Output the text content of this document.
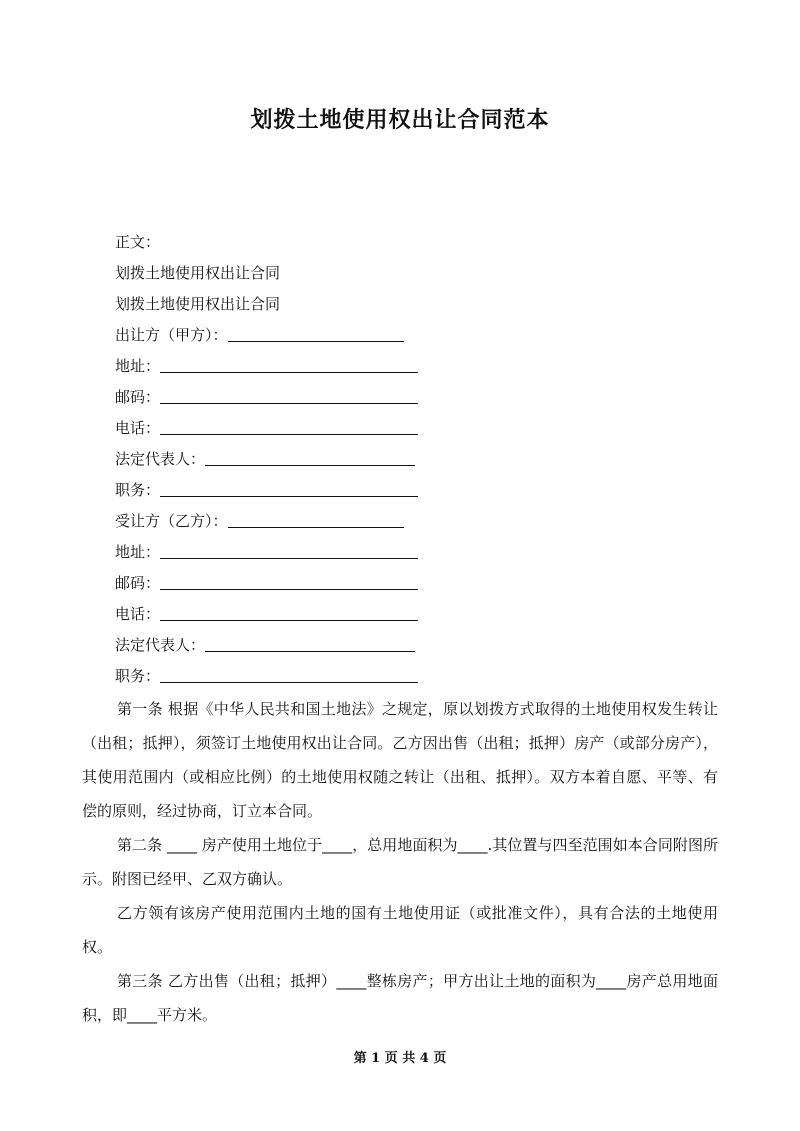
划拨土地使用权出让合同范本
正文：
划拨土地使用权出让合同
划拨土地使用权出让合同
出让方（甲方）：
地址：
邮码：
电话：
法定代表人：
职务：
受让方（乙方）：
地址：
邮码：
电话：
法定代表人：
职务：

第一条 根据《中华人民共和国土地法》之规定，原以划拨方式取得的土地使用权发生转让（出租；抵押），须签订土地使用权出让合同。乙方因出售（出租；抵押）房产（或部分房产），其使用范围内（或相应比例）的土地使用权随之转让（出租、抵押）。双方本着自愿、平等、有偿的原则，经过协商，订立本合同。

第二条 ____ 房产使用土地位于____，总用地面积为____.其位置与四至范围如本合同附图所示。附图已经甲、乙双方确认。

乙方领有该房产使用范围内土地的国有土地使用证（或批准文件），具有合法的土地使用权。

第三条 乙方出售（出租；抵押）____整栋房产；甲方出让土地的面积为____房产总用地面积，即____平方米。

第 1 页 共 4 页
